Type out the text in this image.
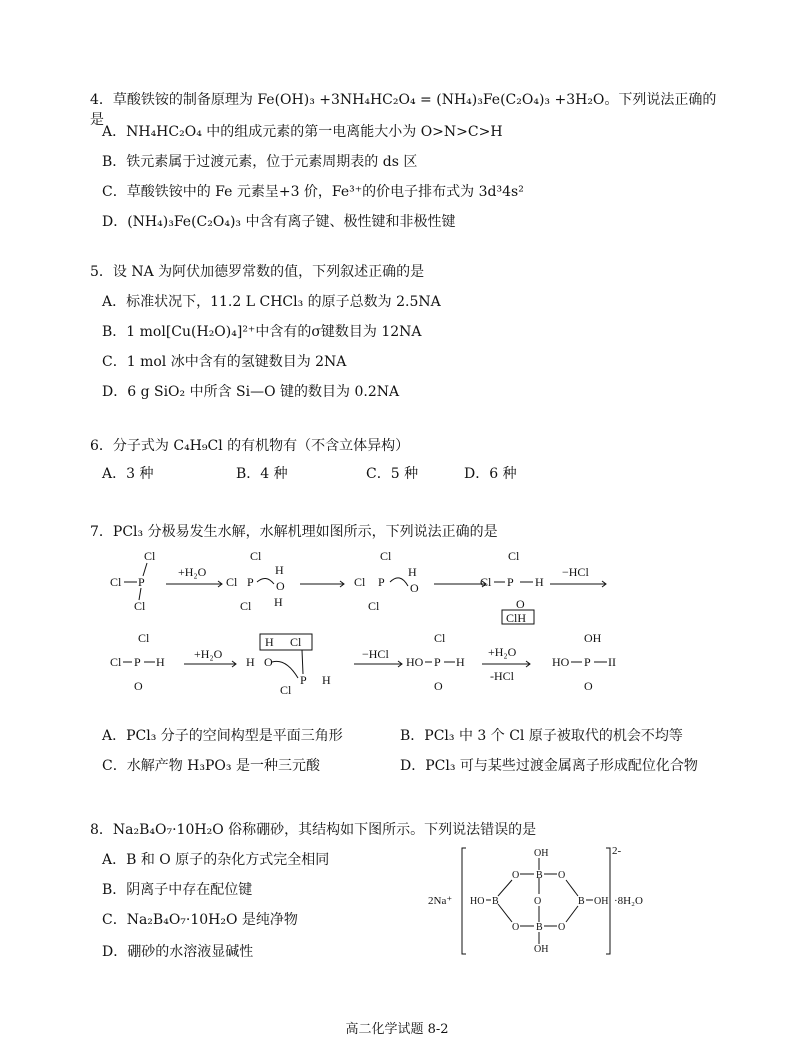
4．草酸铁铵的制备原理为 Fe(OH)₃ +3NH₄HC₂O₄ = (NH₄)₃Fe(C₂O₄)₃ +3H₂O。下列说法正确的是
A．NH₄HC₂O₄ 中的组成元素的第一电离能大小为 O>N>C>H
B．铁元素属于过渡元素，位于元素周期表的 ds 区
C．草酸铁铵中的 Fe 元素呈+3 价，Fe³⁺的价电子排布式为 3d³4s²
D．(NH₄)₃Fe(C₂O₄)₃ 中含有离子键、极性键和非极性键
5．设 NA 为阿伏加德罗常数的值，下列叙述正确的是
A．标准状况下，11.2 L CHCl₃ 的原子总数为 2.5NA
B．1 mol[Cu(H₂O)₄]²⁺中含有的σ键数目为 12NA
C．1 mol 冰中含有的氢键数目为 2NA
D．6 g SiO₂ 中所含 Si—O 键的数目为 0.2NA
6．分子式为 C₄H₉Cl 的有机物有（不含立体异构）
A．3 种	B．4 种	C．5 种	D．6 种
7．PCl₃ 分极易发生水解，水解机理如图所示，下列说法正确的是
Cl
Cl P
Cl
+H₂O
Cl
Cl P
Cl
H
O
H
Cl
Cl P
Cl
H
O
Cl
Cl P H
O
ClH
−HCl
Cl
Cl P H
O
+H₂O
H Cl
H O
P H
Cl
−HCl
Cl
HO P H
O
+H₂O
-HCl
OH
HO P II
O
A．PCl₃ 分子的空间构型是平面三角形	B．PCl₃ 中 3 个 Cl 原子被取代的机会不均等
C．水解产物 H₃PO₃ 是一种三元酸	D．PCl₃ 可与某些过渡金属离子形成配位化合物
8．Na₂B₄O₇·10H₂O 俗称硼砂，其结构如下图所示。下列说法错误的是
A．B 和 O 原子的杂化方式完全相同
B．阴离子中存在配位键
C．Na₂B₄O₇·10H₂O 是纯净物
D．硼砂的水溶液显碱性
2Na⁺
2-
·8H₂O
OH
B
O	O
HO B	O	B OH
O	O
B
OH
高二化学试题 8-2
